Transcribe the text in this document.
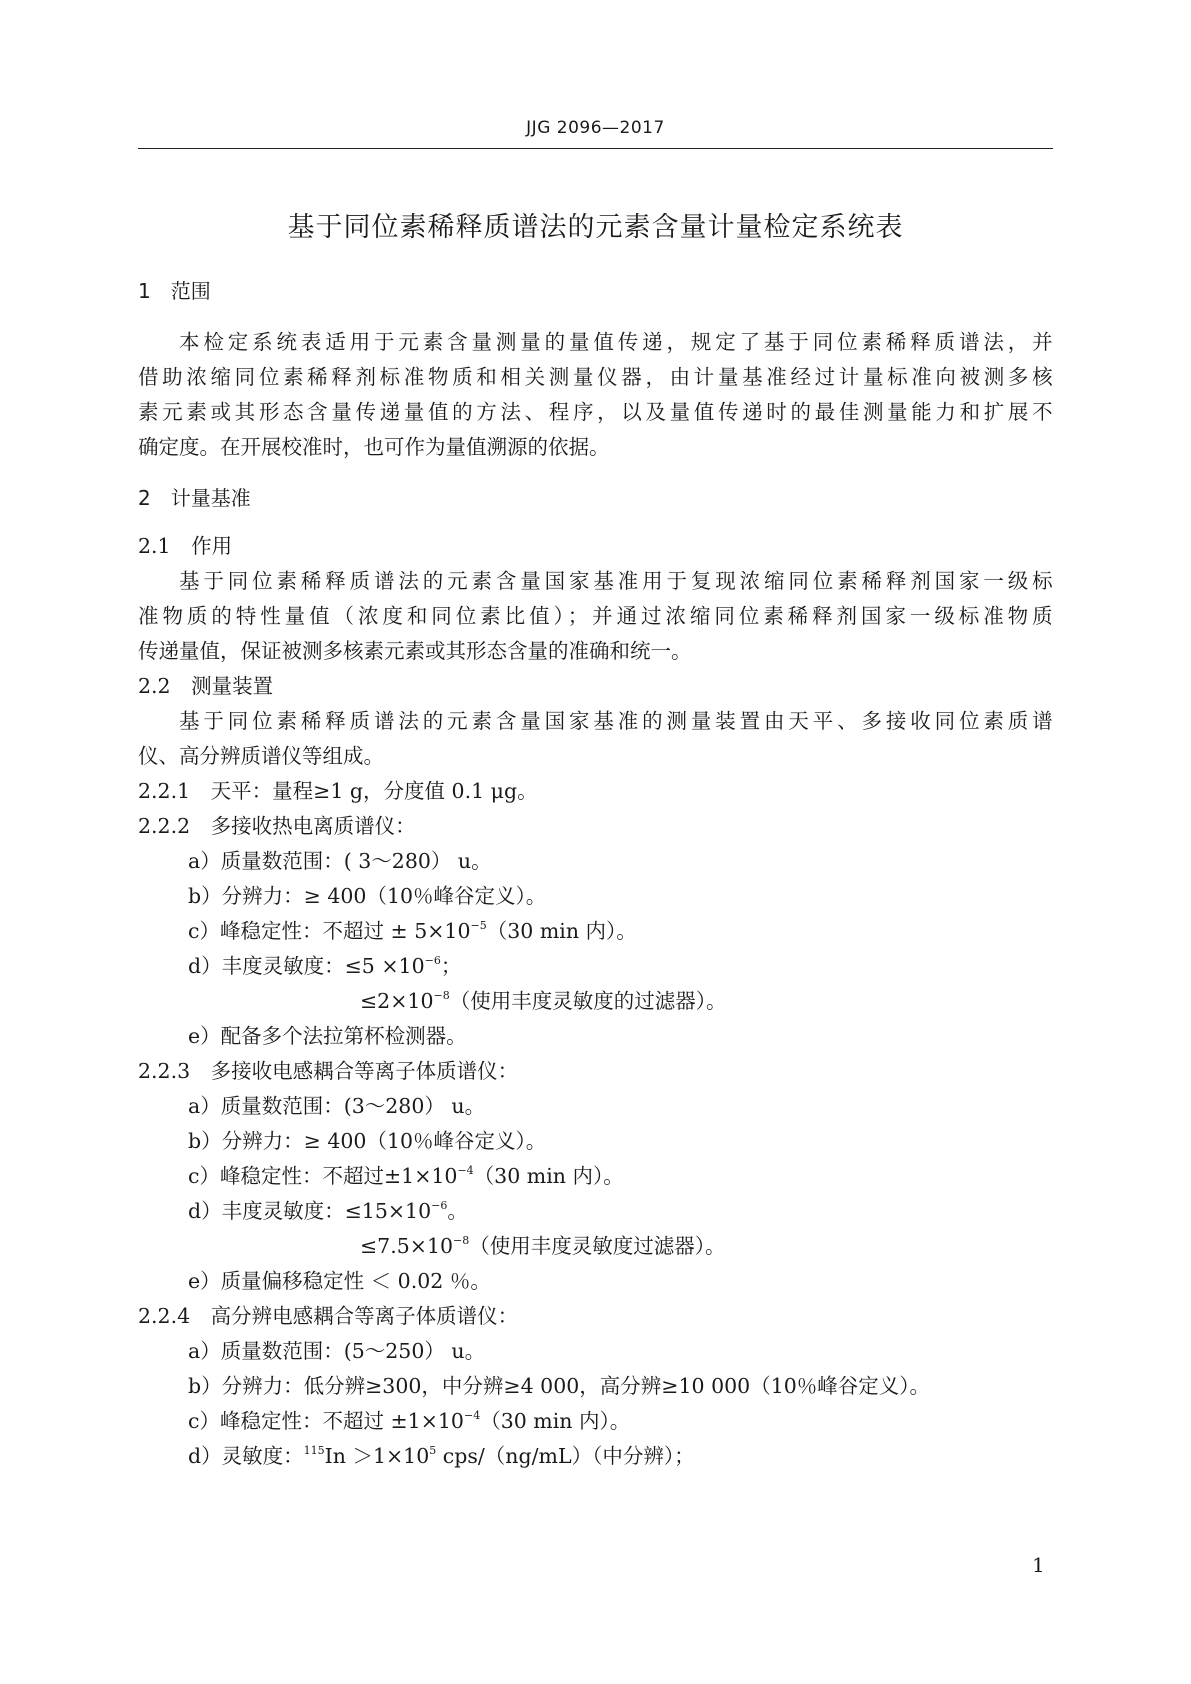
JJG 2096—2017
基于同位素稀释质谱法的元素含量计量检定系统表
1　范围
本检定系统表适用于元素含量测量的量值传递，规定了基于同位素稀释质谱法，并
借助浓缩同位素稀释剂标准物质和相关测量仪器，由计量基准经过计量标准向被测多核
素元素或其形态含量传递量值的方法、程序，以及量值传递时的最佳测量能力和扩展不
确定度。在开展校准时，也可作为量值溯源的依据。
2　计量基准
2.1　作用
基于同位素稀释质谱法的元素含量国家基准用于复现浓缩同位素稀释剂国家一级标
准物质的特性量值（浓度和同位素比值）；并通过浓缩同位素稀释剂国家一级标准物质
传递量值，保证被测多核素元素或其形态含量的准确和统一。
2.2　测量装置
基于同位素稀释质谱法的元素含量国家基准的测量装置由天平、多接收同位素质谱
仪、高分辨质谱仪等组成。
2.2.1　天平：量程≥1 g，分度值 0.1 μg。
2.2.2　多接收热电离质谱仪：
a）质量数范围：( 3～280） u。
b）分辨力：≥ 400（10％峰谷定义）。
c）峰稳定性：不超过 ± $5\times 10^{-5}(30$ min 内）。
d）丰度灵敏度：$\le 5 \times 10^{-6}$；
$\le 2\times 10^{-8}$（使用丰度灵敏度的过滤器）。
e）配备多个法拉第杯检测器。
2.2.3　多接收电感耦合等离子体质谱仪：
a）质量数范围：(3～280） u。
b）分辨力：≥ 400（10％峰谷定义）。
c）峰稳定性：不超过$\pm 1\times 10^{-4}(30$ min 内）。
d）丰度灵敏度：$\le 15\times 10^{-6}$。
$\le 7.5\times 10^{-8}$（使用丰度灵敏度过滤器）。
e）质量偏移稳定性 ＜ 0.02 ％。
2.2.4　高分辨电感耦合等离子体质谱仪：
a）质量数范围：(5～250） u。
b）分辨力：低分辨≥300，中分辨≥4 000，高分辨≥10 000（10％峰谷定义）。
c）峰稳定性：不超过 $\pm 1\times 10^{-4}(30$ min 内）。
d）灵敏度：$^{115}In >1\times 10^5$ cps/（ng/mL）（中分辨）；
1
